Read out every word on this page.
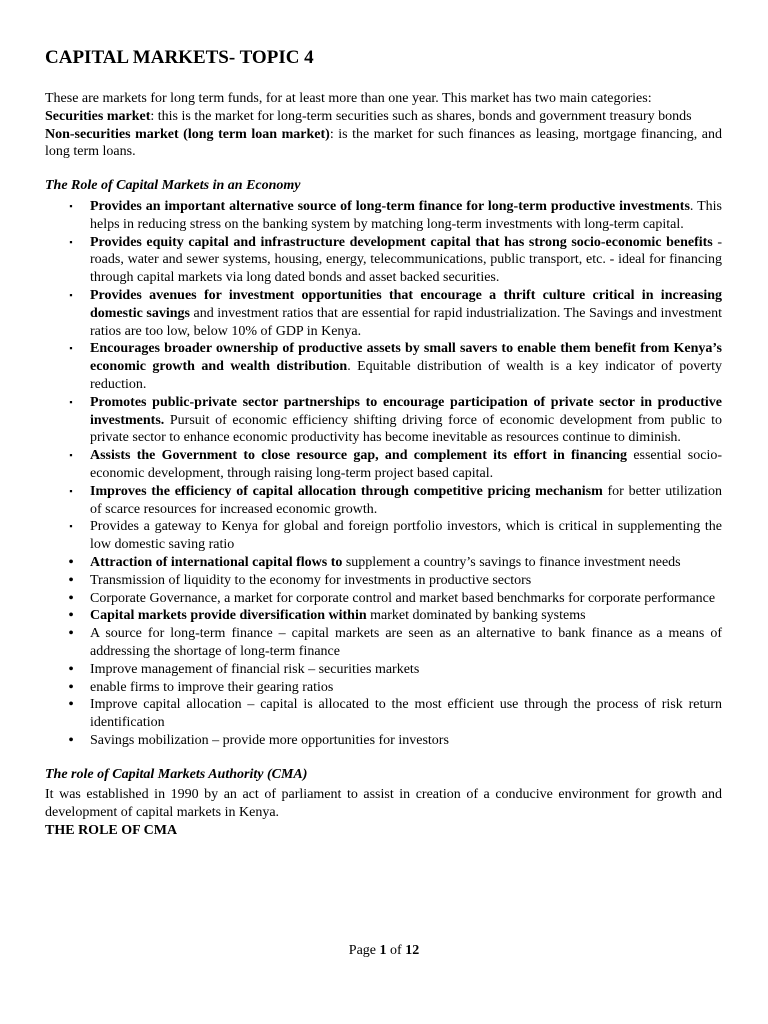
CAPITAL MARKETS- TOPIC 4

These are markets for long term funds, for at least more than one year. This market has two main categories:

Securities market: this is the market for long-term securities such as shares, bonds and government treasury bonds

Non-securities market (long term loan market): is the market for such finances as leasing, mortgage financing, and long term loans.

The Role of Capital Markets in an Economy
▪ Provides an important alternative source of long-term finance for long-term productive investments. This helps in reducing stress on the banking system by matching long-term investments with long-term capital.
▪ Provides equity capital and infrastructure development capital that has strong socio-economic benefits - roads, water and sewer systems, housing, energy, telecommunications, public transport, etc. - ideal for financing through capital markets via long dated bonds and asset backed securities.
▪ Provides avenues for investment opportunities that encourage a thrift culture critical in increasing domestic savings and investment ratios that are essential for rapid industrialization. The Savings and investment ratios are too low, below 10% of GDP in Kenya.
▪ Encourages broader ownership of productive assets by small savers to enable them benefit from Kenya’s economic growth and wealth distribution. Equitable distribution of wealth is a key indicator of poverty reduction.
▪ Promotes public-private sector partnerships to encourage participation of private sector in productive investments. Pursuit of economic efficiency shifting driving force of economic development from public to private sector to enhance economic productivity has become inevitable as resources continue to diminish.
▪ Assists the Government to close resource gap, and complement its effort in financing essential socio-economic development, through raising long-term project based capital.
▪ Improves the efficiency of capital allocation through competitive pricing mechanism for better utilization of scarce resources for increased economic growth.
▪ Provides a gateway to Kenya for global and foreign portfolio investors, which is critical in supplementing the low domestic saving ratio
• Attraction of international capital flows to supplement a country’s savings to finance investment needs
• Transmission of liquidity to the economy for investments in productive sectors
• Corporate Governance, a market for corporate control and market based benchmarks for corporate performance
• Capital markets provide diversification within market dominated by banking systems
• A source for long-term finance – capital markets are seen as an alternative to bank finance as a means of addressing the shortage of long-term finance
• Improve management of financial risk – securities markets
• enable firms to improve their gearing ratios
• Improve capital allocation – capital is allocated to the most efficient use through the process of risk return identification
• Savings mobilization – provide more opportunities for investors
The role of Capital Markets Authority (CMA)

It was established in 1990 by an act of parliament to assist in creation of a conducive environment for growth and development of capital markets in Kenya.

THE ROLE OF CMA

Page 1 of 12
